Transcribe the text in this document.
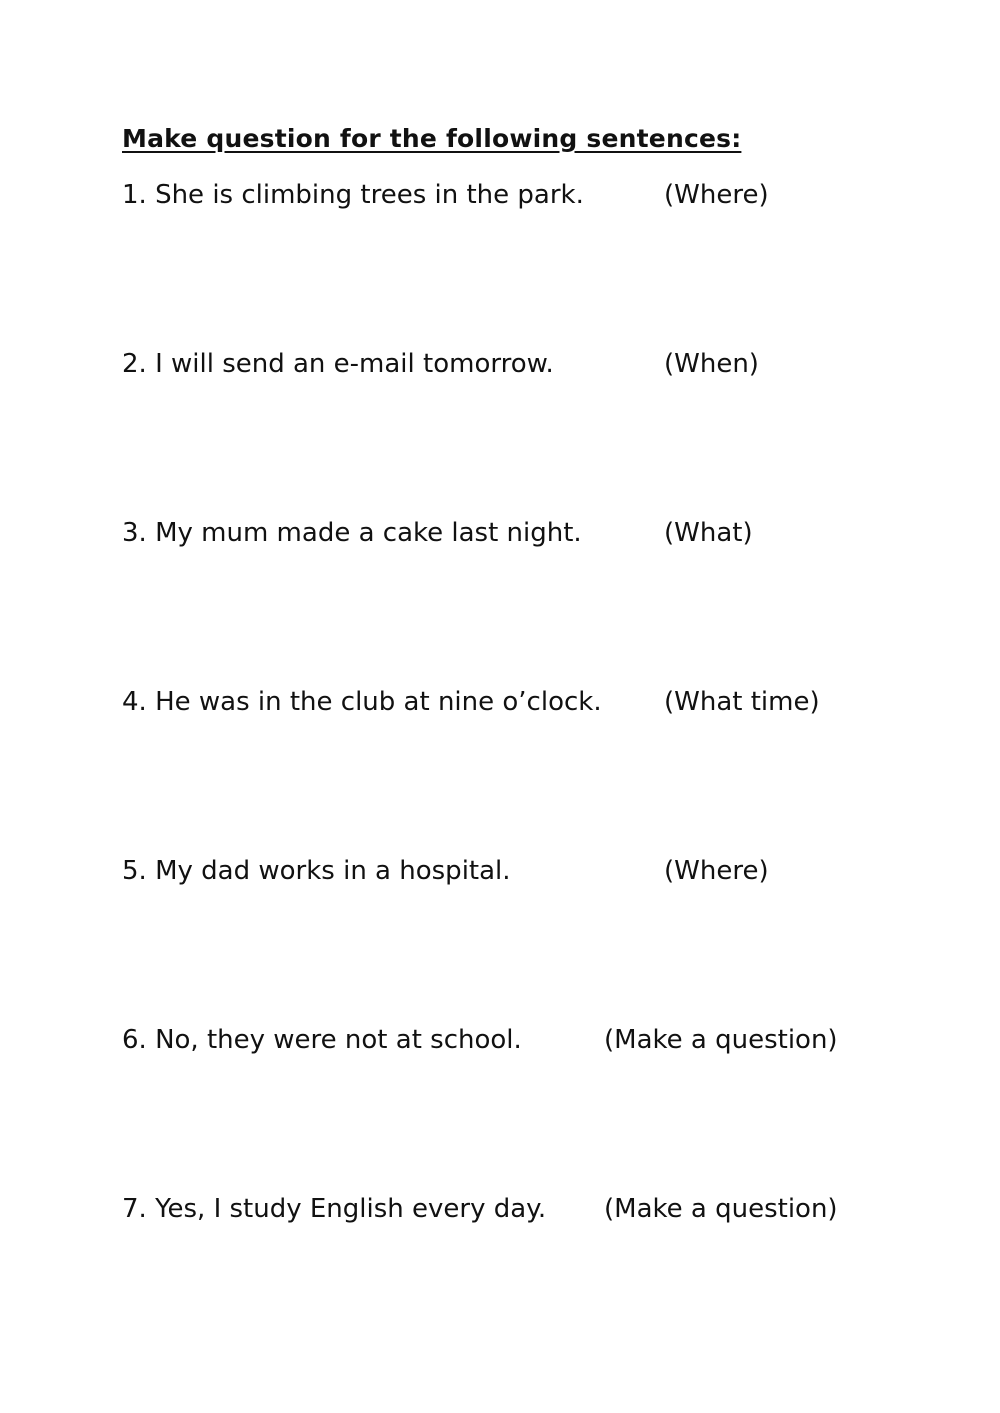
Make question for the following sentences:
1. She is climbing trees in the park.	(Where)
2. I will send an e-mail tomorrow.	(When)
3. My mum made a cake last night.	(What)
4. He was in the club at nine o’clock. (What time)
5. My dad works in a hospital.	(Where)
6. No, they were not at school.	(Make a question)
7. Yes, I study English every day. (Make a question)
